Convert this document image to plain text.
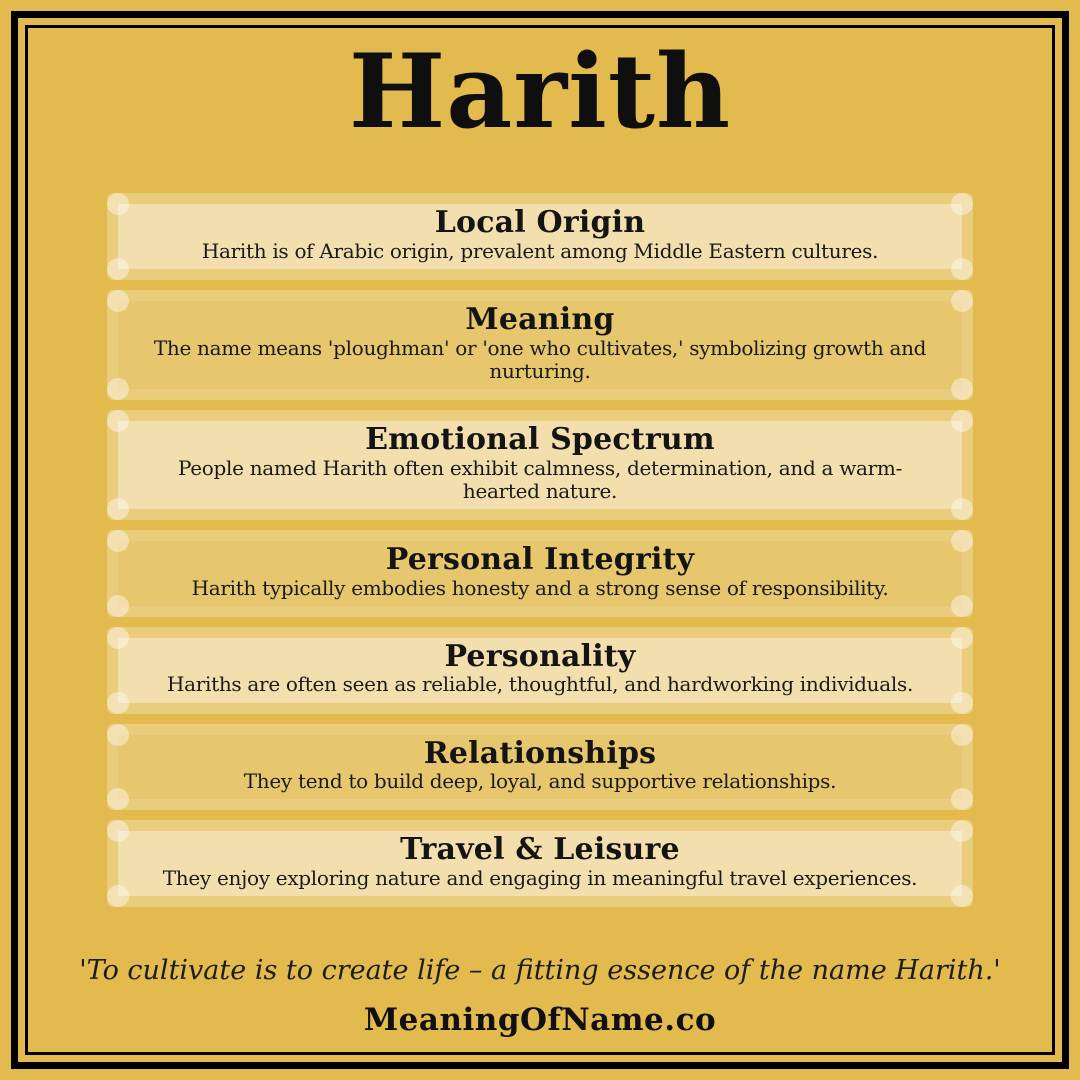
Harith
Local Origin

Harith is of Arabic origin, prevalent among Middle Eastern cultures.

Meaning

The name means 'ploughman' or 'one who cultivates,' symbolizing growth and nurturing.

Emotional Spectrum

People named Harith often exhibit calmness, determination, and a warm-hearted nature.

Personal Integrity

Harith typically embodies honesty and a strong sense of responsibility.

Personality

Hariths are often seen as reliable, thoughtful, and hardworking individuals.

Relationships

They tend to build deep, loyal, and supportive relationships.

Travel & Leisure

They enjoy exploring nature and engaging in meaningful travel experiences.

'To cultivate is to create life – a fitting essence of the name Harith.'
MeaningOfName.co
